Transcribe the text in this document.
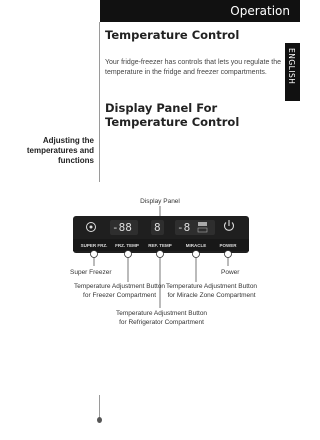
Operation
ENGLISH
Temperature Control
Your fridge-freezer has controls that lets you regulate the temperature in the fridge and freezer compartments.
Display Panel For
Temperature Control
Adjusting the
temperatures and
functions
Display Panel
-88 8 -8
SUPER FRZ. FRZ. TEMP REF. TEMP	MIRACLE	POWER
Super Freezer	Power
Temperature Adjustment Button
for Freezer Compartment
Temperature Adjustment Button
for Miracle Zone Compartment
Temperature Adjustment Button
for Refrigerator Compartment
